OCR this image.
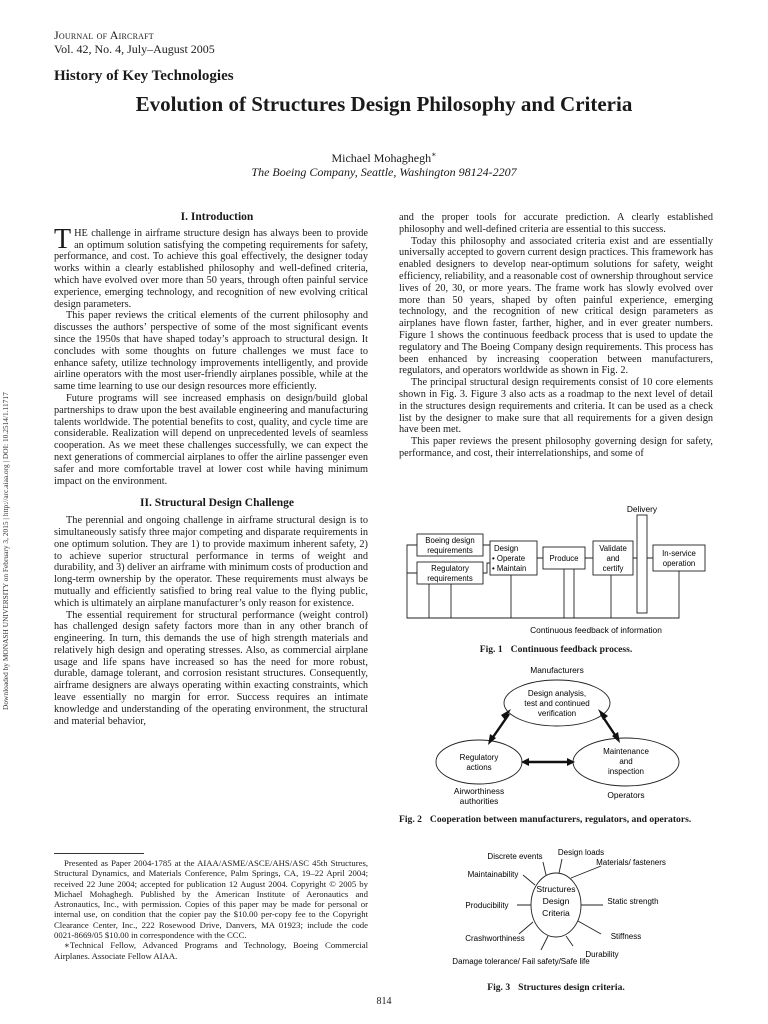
Journal of Aircraft
Vol. 42, No. 4, July–August 2005
History of Key Technologies
Evolution of Structures Design Philosophy and Criteria
Michael Mohaghegh∗
The Boeing Company, Seattle, Washington 98124-2207
Downloaded by MONASH UNIVERSITY on February 3, 2015 | http://arc.aiaa.org | DOI: 10.2514/1.11717

I. Introduction

THE challenge in airframe structure design has always been to provide an optimum solution satisfying the competing requirements for safety, performance, and cost. To achieve this goal effectively, the designer today works within a clearly established philosophy and well-defined criteria, which have evolved over more than 50 years, through often painful service experience, emerging technology, and recognition of new evolving critical design parameters.

This paper reviews the critical elements of the current philosophy and discusses the authors’ perspective of some of the most significant events since the 1950s that have shaped today’s approach to structural design. It concludes with some thoughts on future challenges we must face to enhance safety, utilize technology improvements intelligently, and provide airline operators with the most user-friendly airplanes possible, while at the same time learning to use our design resources more efficiently.

Future programs will see increased emphasis on design/build global partnerships to draw upon the best available engineering and manufacturing talents worldwide. The potential benefits to cost, quality, and cycle time are considerable. Realization will depend on unprecedented levels of seamless cooperation. As we meet these challenges successfully, we can expect the next generations of commercial airplanes to offer the airline passenger even safer and more comfortable travel at lower cost while having minimum impact on the environment.

II. Structural Design Challenge

The perennial and ongoing challenge in airframe structural design is to simultaneously satisfy three major competing and disparate requirements in one optimum solution. They are 1) to provide maximum inherent safety, 2) to achieve superior structural performance in terms of weight and durability, and 3) deliver an airframe with minimum costs of production and long-term ownership by the operator. These requirements must always be mutually and efficiently satisfied to bring real value to the flying public, which is ultimately an airplane manufacturer’s only reason for existence.

The essential requirement for structural performance (weight control) has challenged design safety factors more than in any other branch of engineering. In turn, this demands the use of high strength materials and relatively high design and operating stresses. Also, as commercial airplane usage and life spans have increased so has the need for more robust, durable, damage tolerant, and corrosion resistant structures. Consequently, airframe designers are always operating within exacting constraints, which leave essentially no margin for error. Success requires an intimate knowledge and understanding of the operating environment, the structural and material behavior,

Presented as Paper 2004-1785 at the AIAA/ASME/ASCE/AHS/ASC 45th Structures, Structural Dynamics, and Materials Conference, Palm Springs, CA, 19–22 April 2004; received 22 June 2004; accepted for publication 12 August 2004. Copyright © 2005 by Michael Mohaghegh. Published by the American Institute of Aeronautics and Astronautics, Inc., with permission. Copies of this paper may be made for personal or internal use, on condition that the copier pay the $10.00 per-copy fee to the Copyright Clearance Center, Inc., 222 Rosewood Drive, Danvers, MA 01923; include the code 0021-8669/05 $10.00 in correspondence with the CCC.

∗Technical Fellow, Advanced Programs and Technology, Boeing Commercial Airplanes. Associate Fellow AIAA.

and the proper tools for accurate prediction. A clearly established philosophy and well-defined criteria are essential to this success.

Today this philosophy and associated criteria exist and are essentially universally accepted to govern current design practices. This framework has enabled designers to develop near-optimum solutions for safety, weight efficiency, reliability, and a reasonable cost of ownership throughout service lives of 20, 30, or more years. The frame work has slowly evolved over more than 50 years, shaped by often painful experience, emerging technology, and the recognition of new critical design parameters as airplanes have flown faster, farther, higher, and in ever greater numbers. Figure 1 shows the continuous feedback process that is used to update the regulatory and The Boeing Company design requirements. This process has been enhanced by increasing cooperation between manufacturers, regulators, and operators worldwide as shown in Fig. 2.

The principal structural design requirements consist of 10 core elements shown in Fig. 3. Figure 3 also acts as a roadmap to the next level of detail in the structures design requirements and criteria. It can be used as a check list by the designer to make sure that all requirements for a given design have been met.

This paper reviews the present philosophy governing design for safety, performance, and cost, their interrelationships, and some of

Delivery
Boeing design
requirements
Regulatory
requirements
Design
• Operate
• Maintain
Produce
Validate
and
certify
In-service
operation
Continuous feedback of information
Fig. 1 Continuous feedback process.
Manufacturers
Design analysis,
test and continued
verification
Regulatory
actions
Maintenance
and
inspection
Airworthiness
authorities
Operators
Fig. 2 Cooperation between manufacturers, regulators, and operators.
Structures
Design
Criteria
Discrete events Design loads
Materials/ fasteners
Maintainability
Static strength
Producibility
Crashworthiness	Stiffness
Damage tolerance/ Fail safety/Safe life
Durability
Fig. 3 Structures design criteria.
814
